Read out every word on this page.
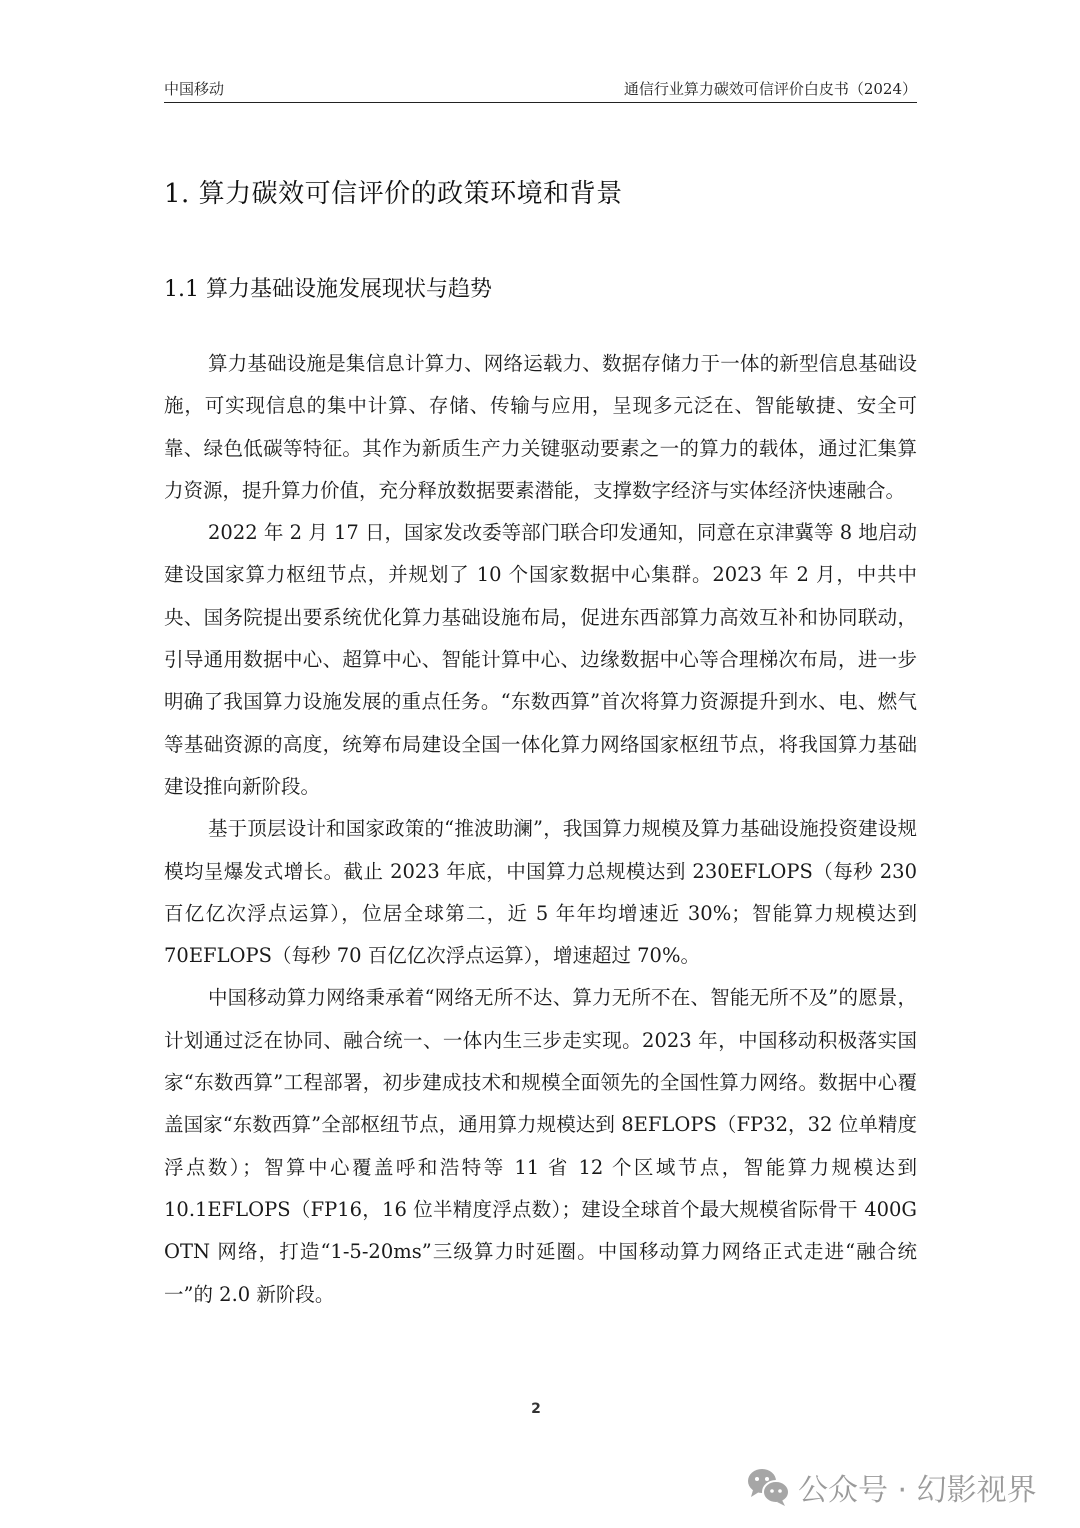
中国移动	通信行业算力碳效可信评价白皮书（2024）
1. 算力碳效可信评价的政策环境和背景
1.1 算力基础设施发展现状与趋势

算力基础设施是集信息计算力、网络运载力、数据存储力于一体的新型信息基础设施，可实现信息的集中计算、存储、传输与应用，呈现多元泛在、智能敏捷、安全可靠、绿色低碳等特征。其作为新质生产力关键驱动要素之一的算力的载体，通过汇集算力资源，提升算力价值，充分释放数据要素潜能，支撑数字经济与实体经济快速融合。

2022 年 2 月 17 日，国家发改委等部门联合印发通知，同意在京津冀等 8 地启动建设国家算力枢纽节点，并规划了 10 个国家数据中心集群。2023 年 2 月，中共中央、国务院提出要系统优化算力基础设施布局，促进东西部算力高效互补和协同联动，引导通用数据中心、超算中心、智能计算中心、边缘数据中心等合理梯次布局，进一步明确了我国算力设施发展的重点任务。“东数西算”首次将算力资源提升到水、电、燃气等基础资源的高度，统筹布局建设全国一体化算力网络国家枢纽节点，将我国算力基础建设推向新阶段。

基于顶层设计和国家政策的“推波助澜”，我国算力规模及算力基础设施投资建设规模均呈爆发式增长。截止 2023 年底，中国算力总规模达到 230EFLOPS（每秒 230 百亿亿次浮点运算），位居全球第二，近 5 年年均增速近 30%；智能算力规模达到 70EFLOPS（每秒 70 百亿亿次浮点运算），增速超过 70%。

中国移动算力网络秉承着“网络无所不达、算力无所不在、智能无所不及”的愿景，计划通过泛在协同、融合统一、一体内生三步走实现。2023 年，中国移动积极落实国家“东数西算”工程部署，初步建成技术和规模全面领先的全国性算力网络。数据中心覆盖国家“东数西算”全部枢纽节点，通用算力规模达到 8EFLOPS（FP32，32 位单精度浮点数）；智算中心覆盖呼和浩特等 11 省 12 个区域节点，智能算力规模达到 10.1EFLOPS（FP16，16 位半精度浮点数）；建设全球首个最大规模省际骨干 400G OTN 网络，打造“1-5-20ms”三级算力时延圈。中国移动算力网络正式走进“融合统一”的 2.0 新阶段。

2
公众号 · 幻影视界
